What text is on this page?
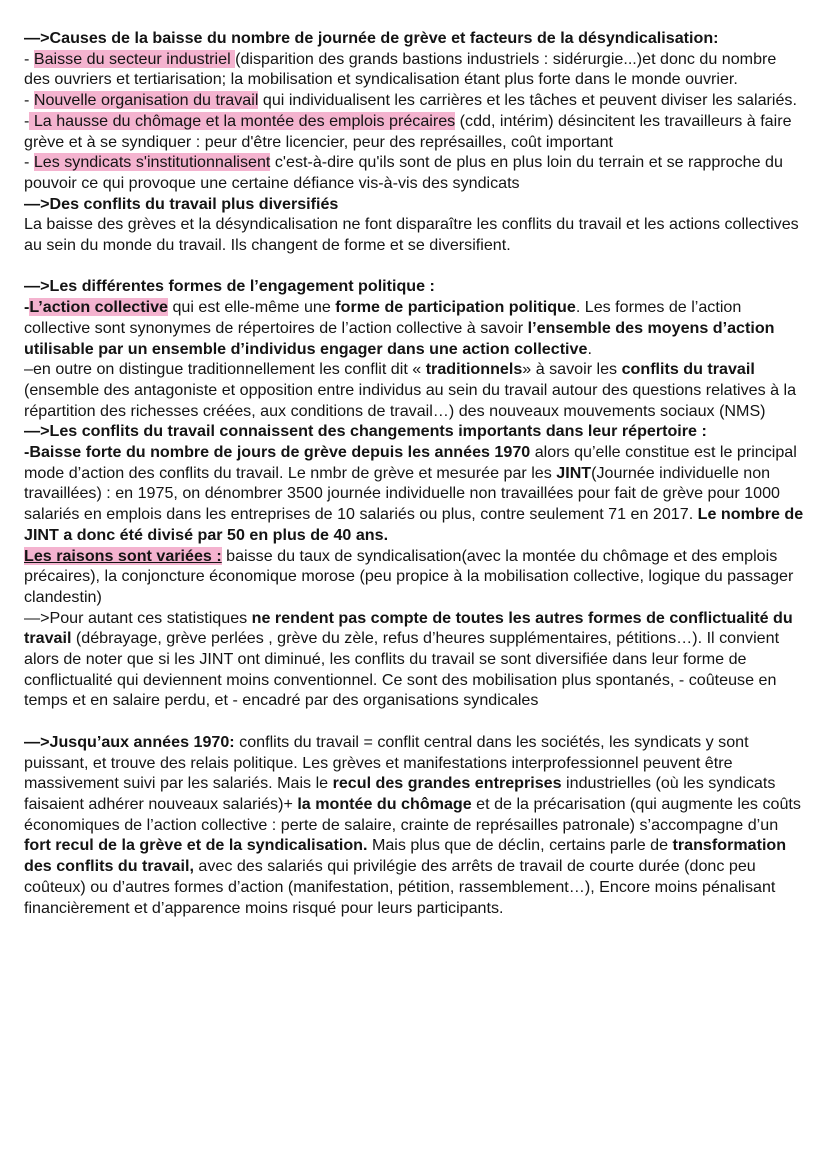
—>Causes de la baisse du nombre de journée de grève et facteurs de la désyndicalisation:

- Baisse du secteur industriel (disparition des grands bastions industriels : sidérurgie...)et donc du nombre des ouvriers et tertiarisation; la mobilisation et syndicalisation étant plus forte dans le monde ouvrier.

- Nouvelle organisation du travail qui individualisent les carrières et les tâches et peuvent diviser les salariés.

- La hausse du chômage et la montée des emplois précaires (cdd, intérim) désincitent les travailleurs à faire grève et à se syndiquer : peur d'être licencier, peur des représailles, coût important

- Les syndicats s'institutionnalisent c'est-à-dire qu'ils sont de plus en plus loin du terrain et se rapproche du pouvoir ce qui provoque une certaine défiance vis-à-vis des syndicats

—>Des conflits du travail plus diversifiés

La baisse des grèves et la désyndicalisation ne font disparaître les conflits du travail et les actions collectives au sein du monde du travail. Ils changent de forme et se diversifient.

—>Les différentes formes de l’engagement politique :

-L’action collective qui est elle-même une forme de participation politique. Les formes de l’action collective sont synonymes de répertoires de l’action collective à savoir l’ensemble des moyens d’action utilisable par un ensemble d’individus engager dans une action collective.

–en outre on distingue traditionnellement les conflit dit « traditionnels» à savoir les conflits du travail (ensemble des antagoniste et opposition entre individus au sein du travail autour des questions relatives à la répartition des richesses créées, aux conditions de travail…) des nouveaux mouvements sociaux (NMS)

—>Les conflits du travail connaissent des changements importants dans leur répertoire :

-Baisse forte du nombre de jours de grève depuis les années 1970 alors qu’elle constitue est le principal mode d’action des conflits du travail. Le nmbr de grève et mesurée par les JINT(Journée individuelle non travaillées) : en 1975, on dénombrer 3500 journée individuelle non travaillées pour fait de grève pour 1000 salariés en emplois dans les entreprises de 10 salariés ou plus, contre seulement 71 en 2017. Le nombre de JINT a donc été divisé par 50 en plus de 40 ans.

Les raisons sont variées : baisse du taux de syndicalisation(avec la montée du chômage et des emplois précaires), la conjoncture économique morose (peu propice à la mobilisation collective, logique du passager clandestin)

—>Pour autant ces statistiques ne rendent pas compte de toutes les autres formes de conflictualité du travail (débrayage, grève perlées , grève du zèle, refus d’heures supplémentaires, pétitions…). Il convient alors de noter que si les JINT ont diminué, les conflits du travail se sont diversifiée dans leur forme de conflictualité qui deviennent moins conventionnel. Ce sont des mobilisation plus spontanés, - coûteuse en temps et en salaire perdu, et - encadré par des organisations syndicales

—>Jusqu’aux années 1970: conflits du travail = conflit central dans les sociétés, les syndicats y sont puissant, et trouve des relais politique. Les grèves et manifestations interprofessionnel peuvent être massivement suivi par les salariés. Mais le recul des grandes entreprises industrielles (où les syndicats faisaient adhérer nouveaux salariés)+ la montée du chômage et de la précarisation (qui augmente les coûts économiques de l’action collective : perte de salaire, crainte de représailles patronale) s’accompagne d’un fort recul de la grève et de la syndicalisation. Mais plus que de déclin, certains parle de transformation des conflits du travail, avec des salariés qui privilégie des arrêts de travail de courte durée (donc peu coûteux) ou d’autres formes d’action (manifestation, pétition, rassemblement…), Encore moins pénalisant financièrement et d’apparence moins risqué pour leurs participants.
